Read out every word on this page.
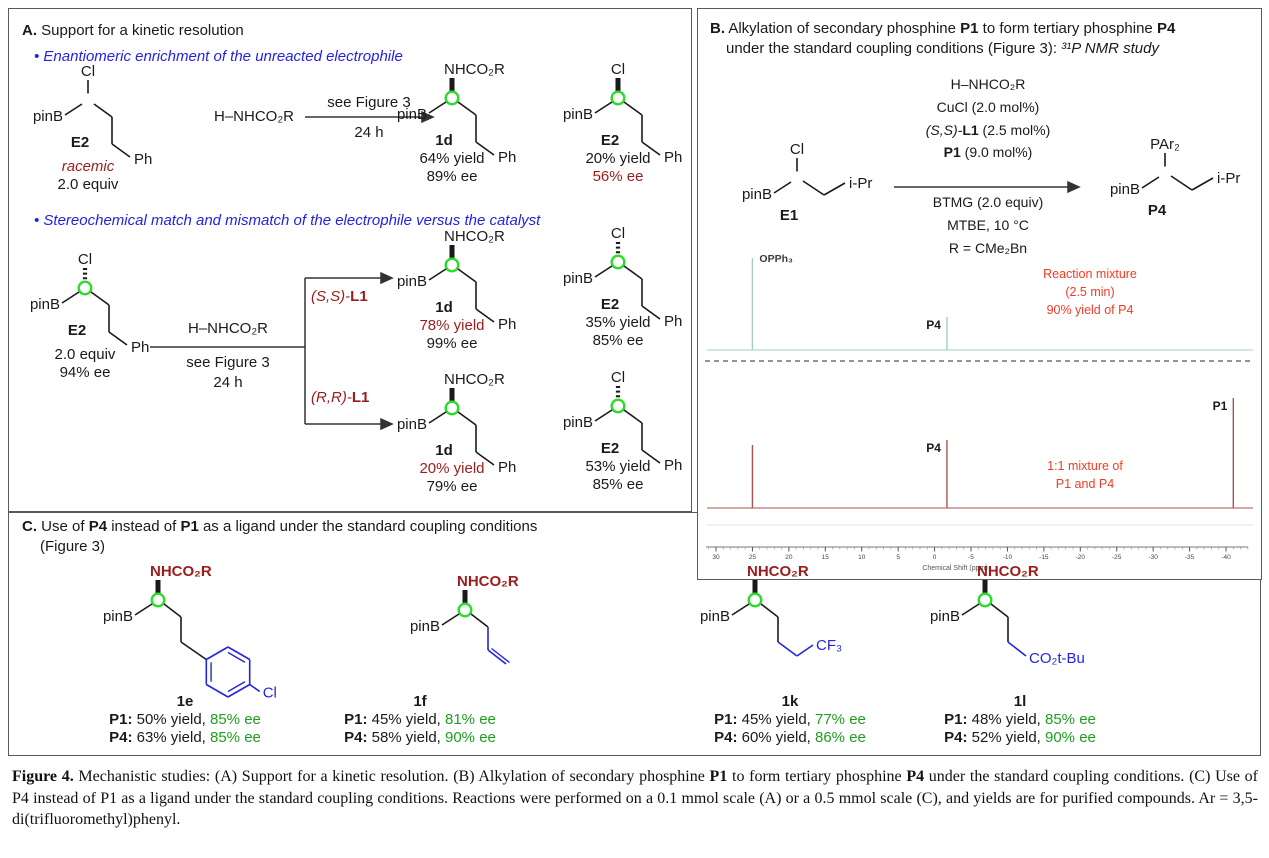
A. Support for a kinetic resolution
• Enantiomeric enrichment of the unreacted electrophile
• Stereochemical match and mismatch of the electrophile versus the catalyst
H–NHCO₂R
see Figure 3
24 h
H–NHCO₂R
see Figure 3
24 h
(S,S)-L1
(R,R)-L1
Cl
pinB
Ph
E2
NHCO₂R
pinB
Ph
1d
Cl
pinB
Ph
E2
Cl
pinB
Ph
E2
NHCO₂R
pinB
Ph
1d
Cl
pinB
Ph
E2
NHCO₂R
pinB
Ph
1d
Cl
pinB
Ph
E2
racemic
2.0 equiv
64% yield
89% ee
20% yield
56% ee
2.0 equiv
94% ee
78% yield
99% ee
35% yield
85% ee
20% yield
79% ee
53% yield
85% ee
B. Alkylation of secondary phosphine P1 to form tertiary phosphine P4
under the standard coupling conditions (Figure 3): ³¹P NMR study
H–NHCO₂R
CuCl (2.0 mol%)
(S,S)-L1 (2.5 mol%)
P1 (9.0 mol%)
BTMG (2.0 equiv)
MTBE, 10 °C
R = CMe₂Bn
Cl
pinB
i-Pr
E1
PAr₂
pinB
i-Pr
P4
OPPh₃
P4
Reaction mixture
(2.5 min)
90% yield of P4
P4
P1
1:1 mixture of
P1 and P4
30	25	20	15	10	5	0	-5	-10	-15	-20	-25	-30	-35	-40
Chemical Shift (ppm)
C. Use of P4 instead of P1 as a ligand under the standard coupling conditions
(Figure 3)
NHCO₂R
pinB
Cl
NHCO₂R
pinB
NHCO₂R
pinB
CF₃
NHCO₂R
pinB
CO₂t-Bu
1e
P1: 50% yield, 85% ee
P4: 63% yield, 85% ee
1f
P1: 45% yield, 81% ee
P4: 58% yield, 90% ee
1k
P1: 45% yield, 77% ee
P4: 60% yield, 86% ee
1l
P1: 48% yield, 85% ee
P4: 52% yield, 90% ee
Figure 4. Mechanistic studies: (A) Support for a kinetic resolution. (B) Alkylation of secondary phosphine P1 to form tertiary phosphine P4 under the standard coupling conditions. (C) Use of P4 instead of P1 as a ligand under the standard coupling conditions. Reactions were performed on a 0.1 mmol scale (A) or a 0.5 mmol scale (C), and yields are for purified compounds. Ar = 3,5-di(trifluoromethyl)phenyl.
